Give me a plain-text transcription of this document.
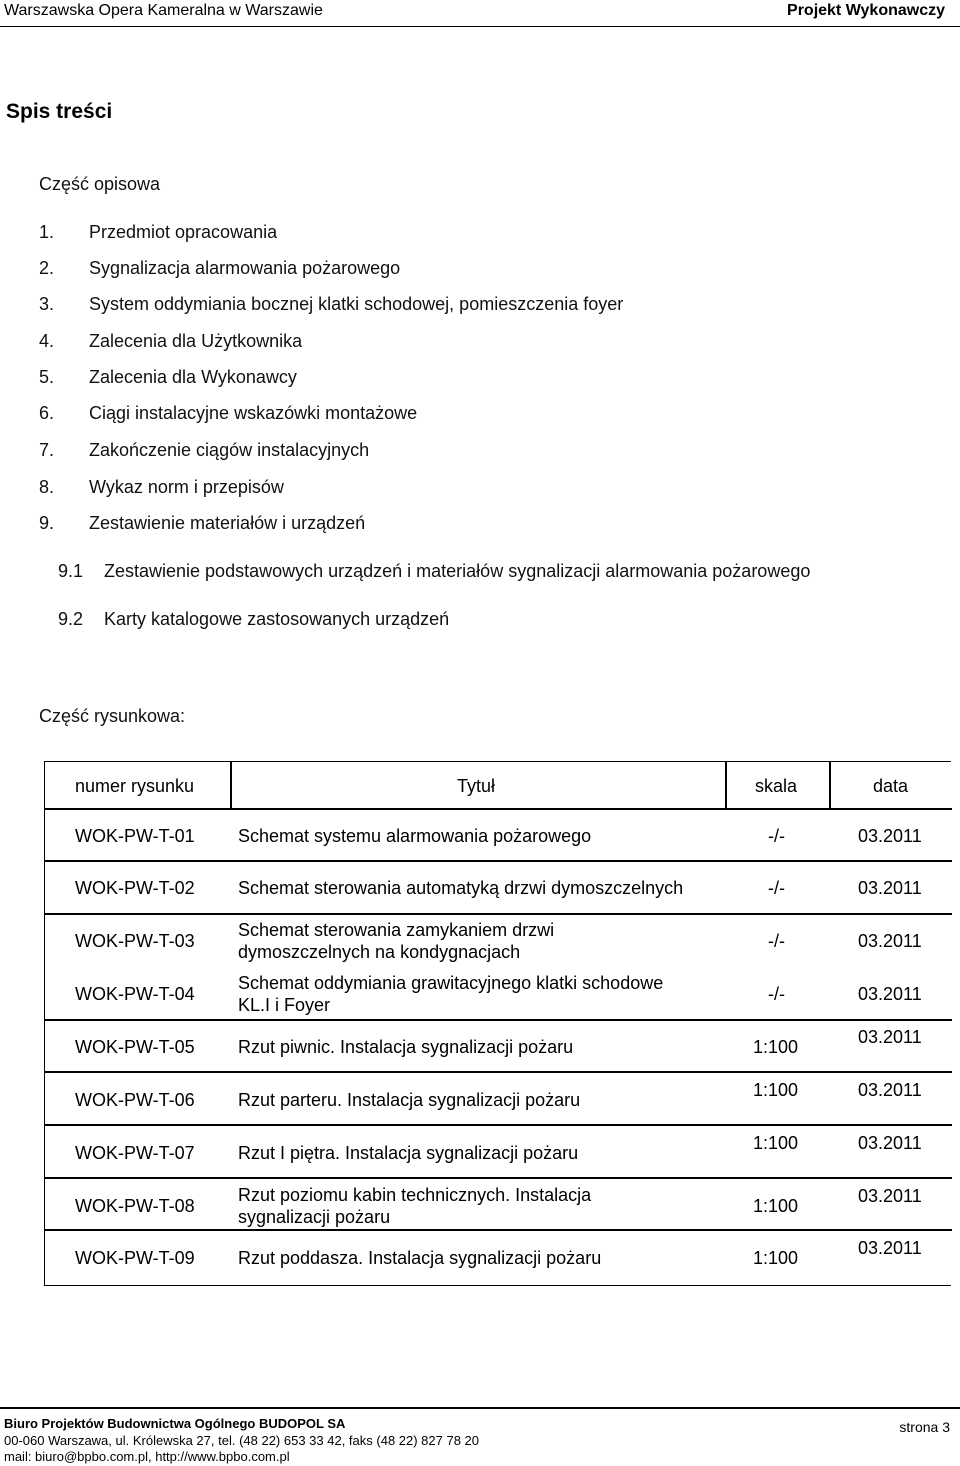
Warszawska Opera Kameralna w Warszawie	Projekt Wykonawczy
Spis treści
Część opisowa
1. Przedmiot opracowania
2. Sygnalizacja alarmowania pożarowego
3. System oddymiania bocznej klatki schodowej, pomieszczenia foyer
4. Zalecenia dla Użytkownika
5. Zalecenia dla Wykonawcy
6. Ciągi instalacyjne wskazówki montażowe
7. Zakończenie ciągów instalacyjnych
8. Wykaz norm i przepisów
9. Zestawienie materiałów i urządzeń
9.1 Zestawienie podstawowych urządzeń i materiałów sygnalizacji alarmowania pożarowego
9.2 Karty katalogowe zastosowanych urządzeń
Część rysunkowa:
numer rysunku	Tytuł	skala	data
WOK-PW-T-01 Schemat systemu alarmowania pożarowego	-/-	03.2011
WOK-PW-T-02 Schemat sterowania automatyką drzwi dymoszczelnych	-/-	03.2011
WOK-PW-T-03
Schemat sterowania zamykaniem drzwi
dymoszczelnych na kondygnacjach
-/-	03.2011
WOK-PW-T-04
Schemat oddymiania grawitacyjnego klatki schodowe
KL.I i Foyer
-/-	03.2011
WOK-PW-T-05 Rzut piwnic. Instalacja sygnalizacji pożaru	1:100	03.2011
WOK-PW-T-06 Rzut parteru. Instalacja sygnalizacji pożaru	1:100	03.2011
WOK-PW-T-07 Rzut I piętra. Instalacja sygnalizacji pożaru	1:100	03.2011
WOK-PW-T-08
Rzut poziomu kabin technicznych. Instalacja
sygnalizacji pożaru
1:100	03.2011
WOK-PW-T-09 Rzut poddasza. Instalacja sygnalizacji pożaru	1:100	03.2011
Biuro Projektów Budownictwa Ogólnego BUDOPOL SA
00-060 Warszawa, ul. Królewska 27, tel. (48 22) 653 33 42, faks (48 22) 827 78 20
mail: biuro@bpbo.com.pl, http://www.bpbo.com.pl
strona 3
